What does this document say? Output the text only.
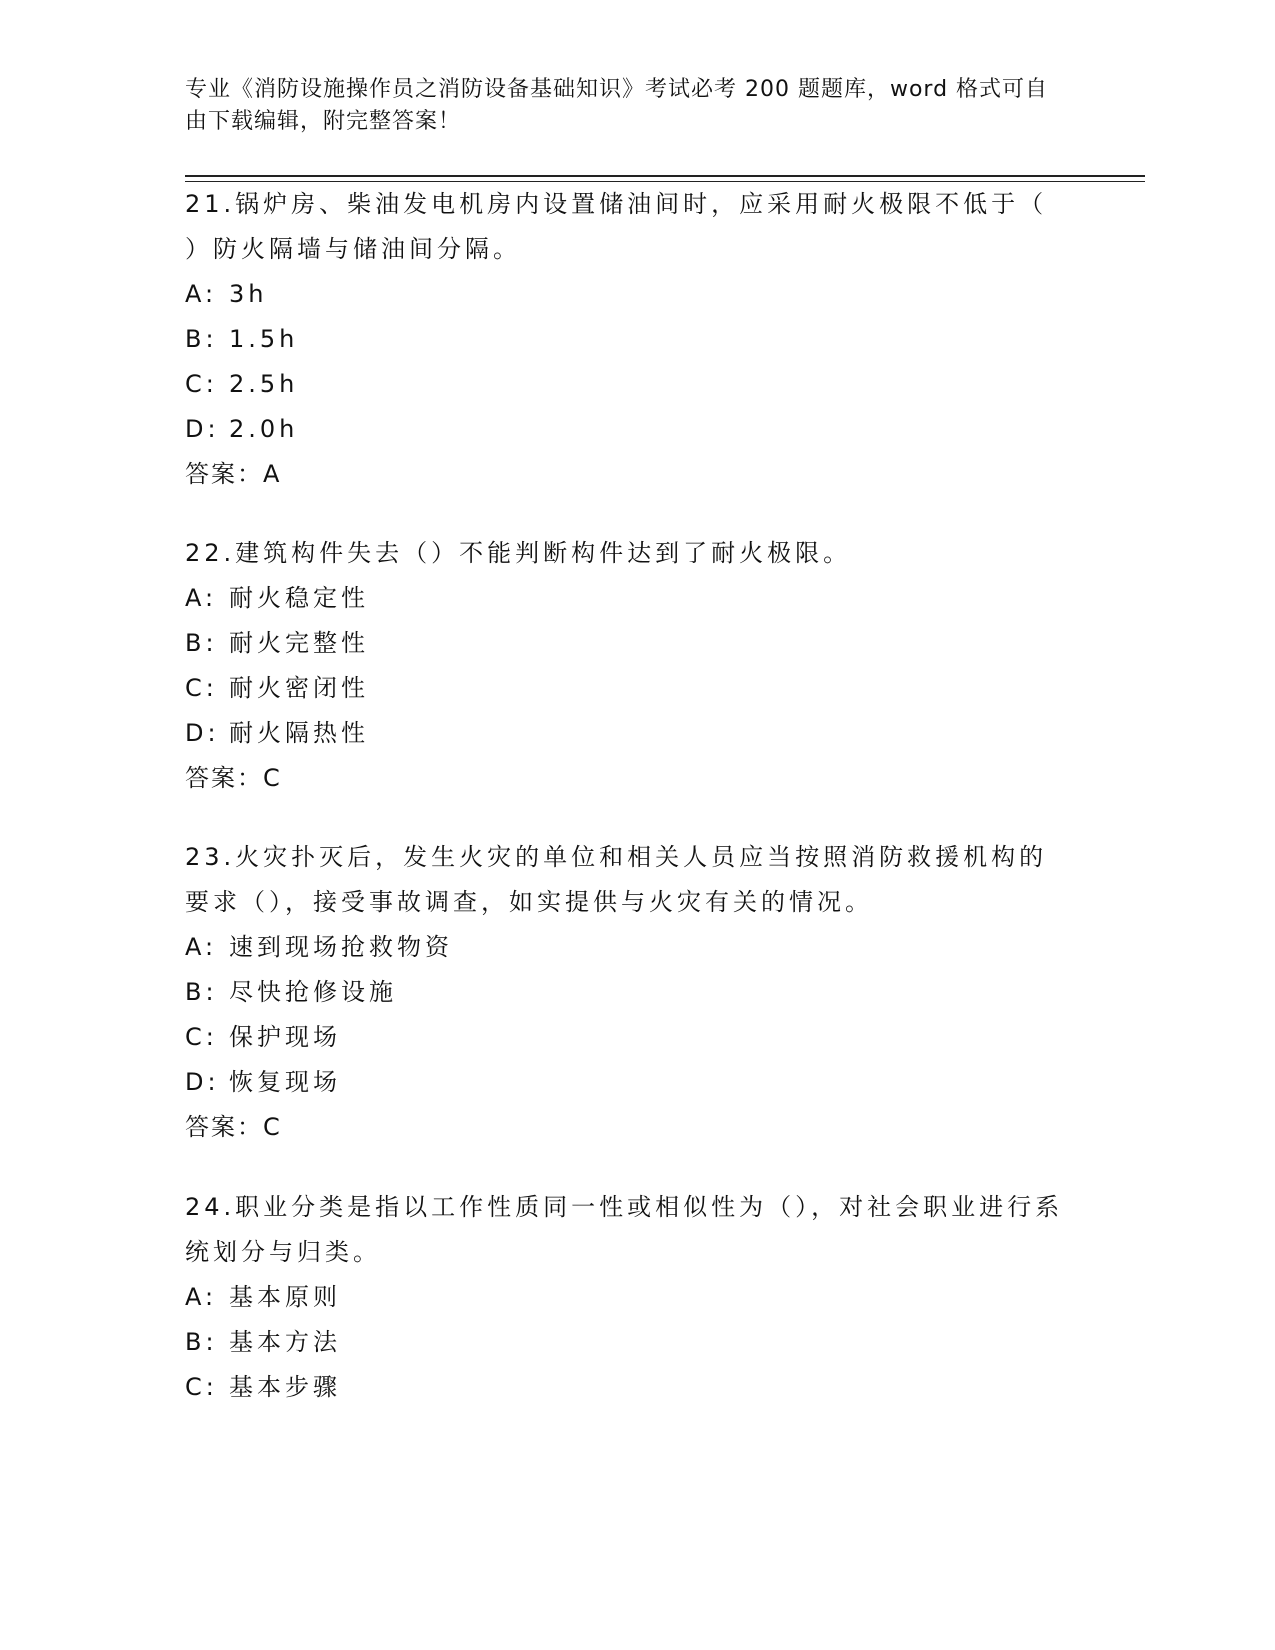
专业《消防设施操作员之消防设备基础知识》考试必考 200 题题库，word 格式可自由下载编辑，附完整答案！

21.锅炉房、柴油发电机房内设置储油间时，应采用耐火极限不低于（ ）防火隔墙与储油间分隔。

A: 3h

B: 1.5h

C: 2.5h

D: 2.0h

答案：A

22.建筑构件失去（）不能判断构件达到了耐火极限。

A: 耐火稳定性

B: 耐火完整性

C: 耐火密闭性

D: 耐火隔热性

答案：C

23.火灾扑灭后，发生火灾的单位和相关人员应当按照消防救援机构的要求（），接受事故调查，如实提供与火灾有关的情况。

A: 速到现场抢救物资

B: 尽快抢修设施

C: 保护现场

D: 恢复现场

答案：C

24.职业分类是指以工作性质同一性或相似性为（），对社会职业进行系统划分与归类。

A: 基本原则

B: 基本方法

C: 基本步骤
